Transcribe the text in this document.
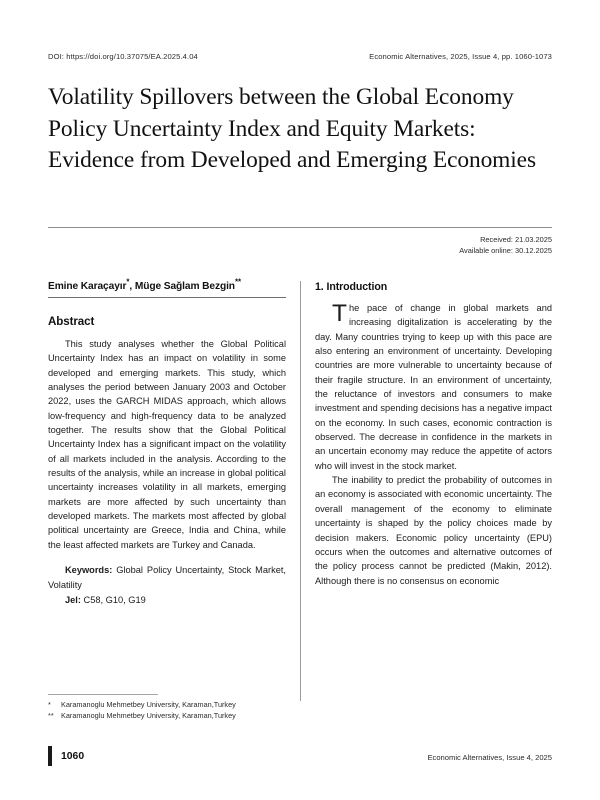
DOI: https://doi.org/10.37075/EA.2025.4.04	Economic Alternatives, 2025, Issue 4, pp. 1060-1073
Volatility Spillovers between the Global Economy Policy Uncertainty Index and Equity Markets: Evidence from Developed and Emerging Economies
Received: 21.03.2025
Available online: 30.12.2025
Emine Karaçayır*, Müge Sağlam Bezgin**
Abstract

This study analyses whether the Global Political Uncertainty Index has an impact on volatility in some developed and emerging markets. This study, which analyses the period between January 2003 and October 2022, uses the GARCH MIDAS approach, which allows low-frequency and high-frequency data to be analyzed together. The results show that the Global Political Uncertainty Index has a significant impact on the volatility of all markets included in the analysis. According to the results of the analysis, while an increase in global political uncertainty increases volatility in all markets, emerging markets are more affected by such uncertainty than developed markets. The markets most affected by global political uncertainty are Greece, India and China, while the least affected markets are Turkey and Canada.

Keywords: Global Policy Uncertainty, Stock Market, Volatility

Jel: C58, G10, G19

1. Introduction

The pace of change in global markets and increasing digitalization is accelerating by the day. Many countries trying to keep up with this pace are also entering an environment of uncertainty. Developing countries are more vulnerable to uncertainty because of their fragile structure. In an environment of uncertainty, the reluctance of investors and consumers to make investment and spending decisions has a negative impact on the economy. In such cases, economic contraction is observed. The decrease in confidence in the markets in an uncertain economy may reduce the appetite of actors who will invest in the stock market.

The inability to predict the probability of outcomes in an economy is associated with economic uncertainty. The overall management of the economy to eliminate uncertainty is shaped by the policy choices made by decision makers. Economic policy uncertainty (EPU) occurs when the outcomes and alternative outcomes of the policy process cannot be predicted (Makin, 2012). Although there is no consensus on economic

*	Karamanoglu Mehmetbey University, Karaman,Turkey
**	Karamanoglu Mehmetbey University, Karaman,Turkey
1060	Economic Alternatives, Issue 4, 2025
